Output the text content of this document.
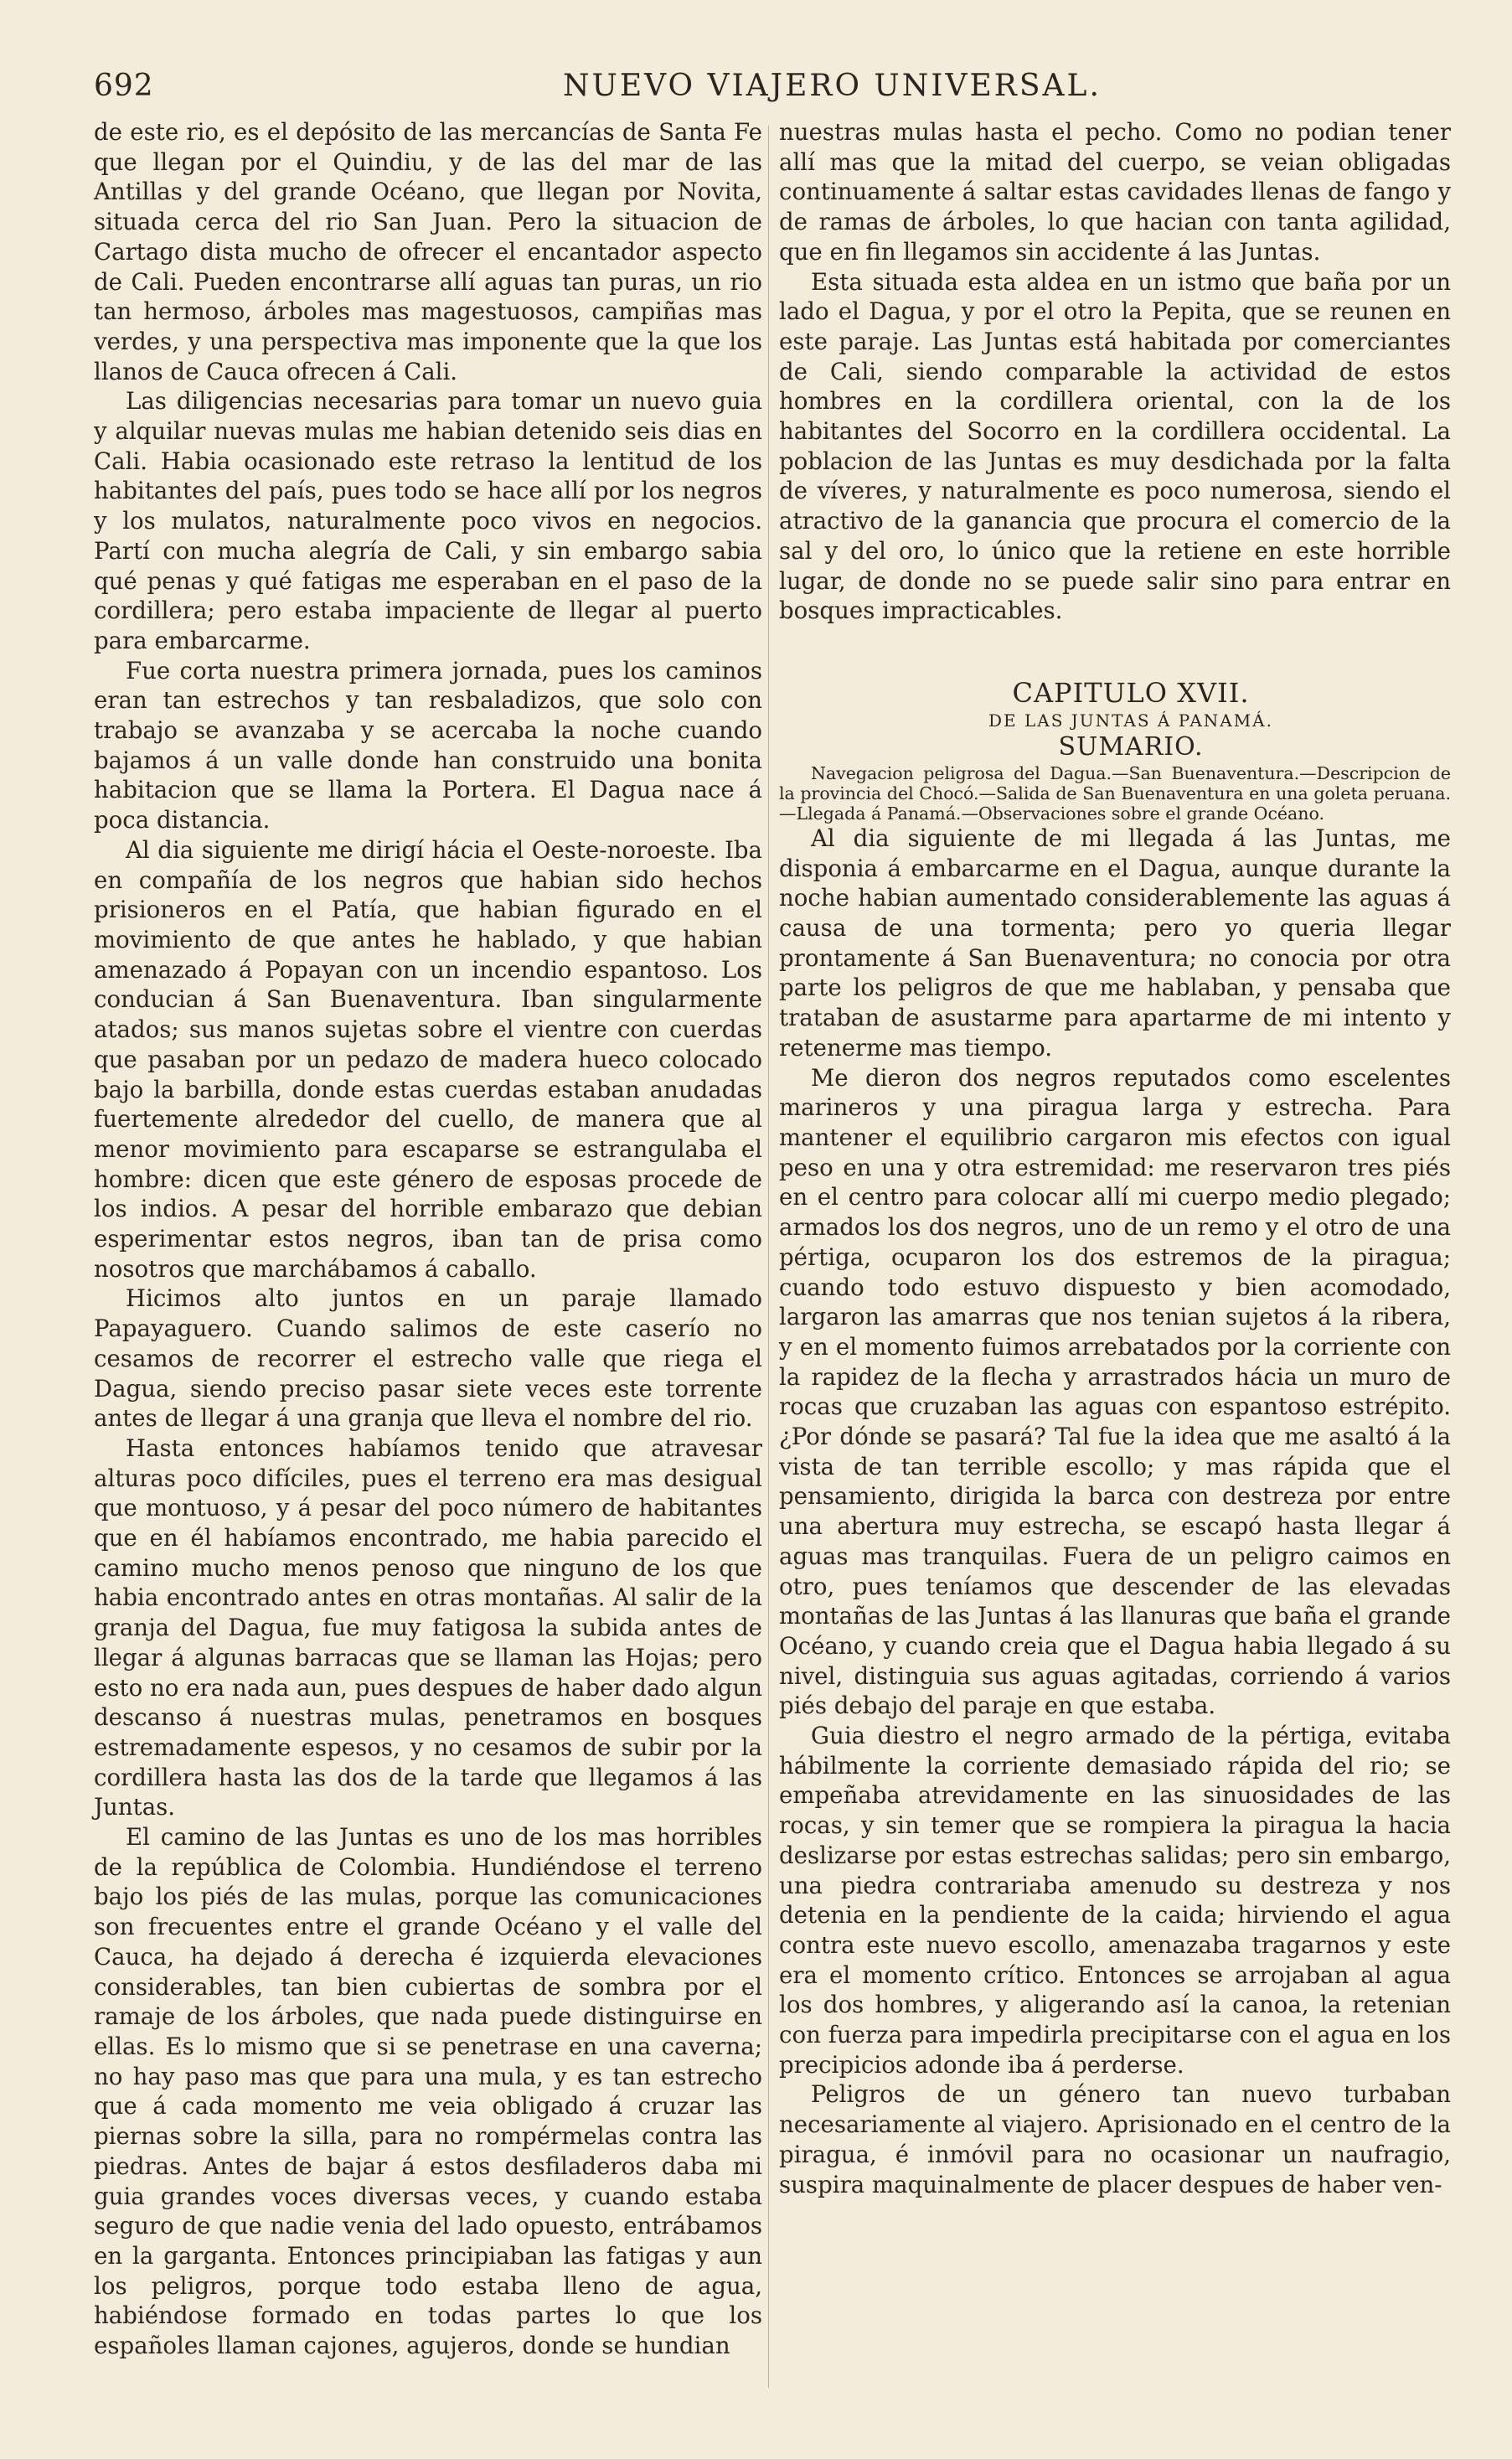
692	NUEVO VIAJERO UNIVERSAL.

de este rio, es el depósito de las mercancías de Santa Fe que llegan por el Quindiu, y de las del mar de las Antillas y del grande Océano, que llegan por Novita, situada cerca del rio San Juan. Pero la situacion de Cartago dista mucho de ofrecer el encantador aspecto de Cali. Pueden encontrarse allí aguas tan puras, un rio tan hermoso, árboles mas magestuosos, campiñas mas verdes, y una perspectiva mas imponente que la que los llanos de Cauca ofrecen á Cali.

Las diligencias necesarias para tomar un nuevo guia y alquilar nuevas mulas me habian detenido seis dias en Cali. Habia ocasionado este retraso la lentitud de los habitantes del país, pues todo se hace allí por los negros y los mulatos, naturalmente poco vivos en negocios. Partí con mucha alegría de Cali, y sin embargo sabia qué penas y qué fatigas me esperaban en el paso de la cordillera; pero estaba impaciente de llegar al puerto para embarcarme.

Fue corta nuestra primera jornada, pues los caminos eran tan estrechos y tan resbaladizos, que solo con trabajo se avanzaba y se acercaba la noche cuando bajamos á un valle donde han construido una bonita habitacion que se llama la Portera. El Dagua nace á poca distancia.

Al dia siguiente me dirigí hácia el Oeste-noroeste. Iba en compañía de los negros que habian sido hechos prisioneros en el Patía, que habian figurado en el movimiento de que antes he hablado, y que habian amenazado á Popayan con un incendio espantoso. Los conducian á San Buenaventura. Iban singularmente atados; sus manos sujetas sobre el vientre con cuerdas que pasaban por un pedazo de madera hueco colocado bajo la barbilla, donde estas cuerdas estaban anudadas fuertemente alrededor del cuello, de manera que al menor movimiento para escaparse se estrangulaba el hombre: dicen que este género de esposas procede de los indios. A pesar del horrible embarazo que debian esperimentar estos negros, iban tan de prisa como nosotros que marchábamos á caballo.

Hicimos alto juntos en un paraje llamado Papayaguero. Cuando salimos de este caserío no cesamos de recorrer el estrecho valle que riega el Dagua, siendo preciso pasar siete veces este torrente antes de llegar á una granja que lleva el nombre del rio.

Hasta entonces habíamos tenido que atravesar alturas poco difíciles, pues el terreno era mas desigual que montuoso, y á pesar del poco número de habitantes que en él habíamos encontrado, me habia parecido el camino mucho menos penoso que ninguno de los que habia encontrado antes en otras montañas. Al salir de la granja del Dagua, fue muy fatigosa la subida antes de llegar á algunas barracas que se llaman las Hojas; pero esto no era nada aun, pues despues de haber dado algun descanso á nuestras mulas, penetramos en bosques estremadamente espesos, y no cesamos de subir por la cordillera hasta las dos de la tarde que llegamos á las Juntas.

El camino de las Juntas es uno de los mas horribles de la república de Colombia. Hundiéndose el terreno bajo los piés de las mulas, porque las comunicaciones son frecuentes entre el grande Océano y el valle del Cauca, ha dejado á derecha é izquierda elevaciones considerables, tan bien cubiertas de sombra por el ramaje de los árboles, que nada puede distinguirse en ellas. Es lo mismo que si se penetrase en una caverna; no hay paso mas que para una mula, y es tan estrecho que á cada momento me veia obligado á cruzar las piernas sobre la silla, para no rompérmelas contra las piedras. Antes de bajar á estos desfiladeros daba mi guia grandes voces diversas veces, y cuando estaba seguro de que nadie venia del lado opuesto, entrábamos en la garganta. Entonces principiaban las fatigas y aun los peligros, porque todo estaba lleno de agua, habiéndose formado en todas partes lo que los españoles llaman cajones, agujeros, donde se hundian

nuestras mulas hasta el pecho. Como no podian tener allí mas que la mitad del cuerpo, se veian obligadas continuamente á saltar estas cavidades llenas de fango y de ramas de árboles, lo que hacian con tanta agilidad, que en fin llegamos sin accidente á las Juntas.

Esta situada esta aldea en un istmo que baña por un lado el Dagua, y por el otro la Pepita, que se reunen en este paraje. Las Juntas está habitada por comerciantes de Cali, siendo comparable la actividad de estos hombres en la cordillera oriental, con la de los habitantes del Socorro en la cordillera occidental. La poblacion de las Juntas es muy desdichada por la falta de víveres, y naturalmente es poco numerosa, siendo el atractivo de la ganancia que procura el comercio de la sal y del oro, lo único que la retiene en este horrible lugar, de donde no se puede salir sino para entrar en bosques impracticables.

CAPITULO XVII.

DE LAS JUNTAS Á PANAMÁ.

SUMARIO.

Navegacion peligrosa del Dagua.—San Buenaventura.—Descripcion de la provincia del Chocó.—Salida de San Buenaventura en una goleta peruana.—Llegada á Panamá.—Observaciones sobre el grande Océano.

Al dia siguiente de mi llegada á las Juntas, me disponia á embarcarme en el Dagua, aunque durante la noche habian aumentado considerablemente las aguas á causa de una tormenta; pero yo queria llegar prontamente á San Buenaventura; no conocia por otra parte los peligros de que me hablaban, y pensaba que trataban de asustarme para apartarme de mi intento y retenerme mas tiempo.

Me dieron dos negros reputados como escelentes marineros y una piragua larga y estrecha. Para mantener el equilibrio cargaron mis efectos con igual peso en una y otra estremidad: me reservaron tres piés en el centro para colocar allí mi cuerpo medio plegado; armados los dos negros, uno de un remo y el otro de una pértiga, ocuparon los dos estremos de la piragua; cuando todo estuvo dispuesto y bien acomodado, largaron las amarras que nos tenian sujetos á la ribera, y en el momento fuimos arrebatados por la corriente con la rapidez de la flecha y arrastrados hácia un muro de rocas que cruzaban las aguas con espantoso estrépito. ¿Por dónde se pasará? Tal fue la idea que me asaltó á la vista de tan terrible escollo; y mas rápida que el pensamiento, dirigida la barca con destreza por entre una abertura muy estrecha, se escapó hasta llegar á aguas mas tranquilas. Fuera de un peligro caimos en otro, pues teníamos que descender de las elevadas montañas de las Juntas á las llanuras que baña el grande Océano, y cuando creia que el Dagua habia llegado á su nivel, distinguia sus aguas agitadas, corriendo á varios piés debajo del paraje en que estaba.

Guia diestro el negro armado de la pértiga, evitaba hábilmente la corriente demasiado rápida del rio; se empeñaba atrevidamente en las sinuosidades de las rocas, y sin temer que se rompiera la piragua la hacia deslizarse por estas estrechas salidas; pero sin embargo, una piedra contrariaba amenudo su destreza y nos detenia en la pendiente de la caida; hirviendo el agua contra este nuevo escollo, amenazaba tragarnos y este era el momento crítico. Entonces se arrojaban al agua los dos hombres, y aligerando así la canoa, la retenian con fuerza para impedirla precipitarse con el agua en los precipicios adonde iba á perderse.

Peligros de un género tan nuevo turbaban necesariamente al viajero. Aprisionado en el centro de la piragua, é inmóvil para no ocasionar un naufragio, suspira maquinalmente de placer despues de haber ven-
